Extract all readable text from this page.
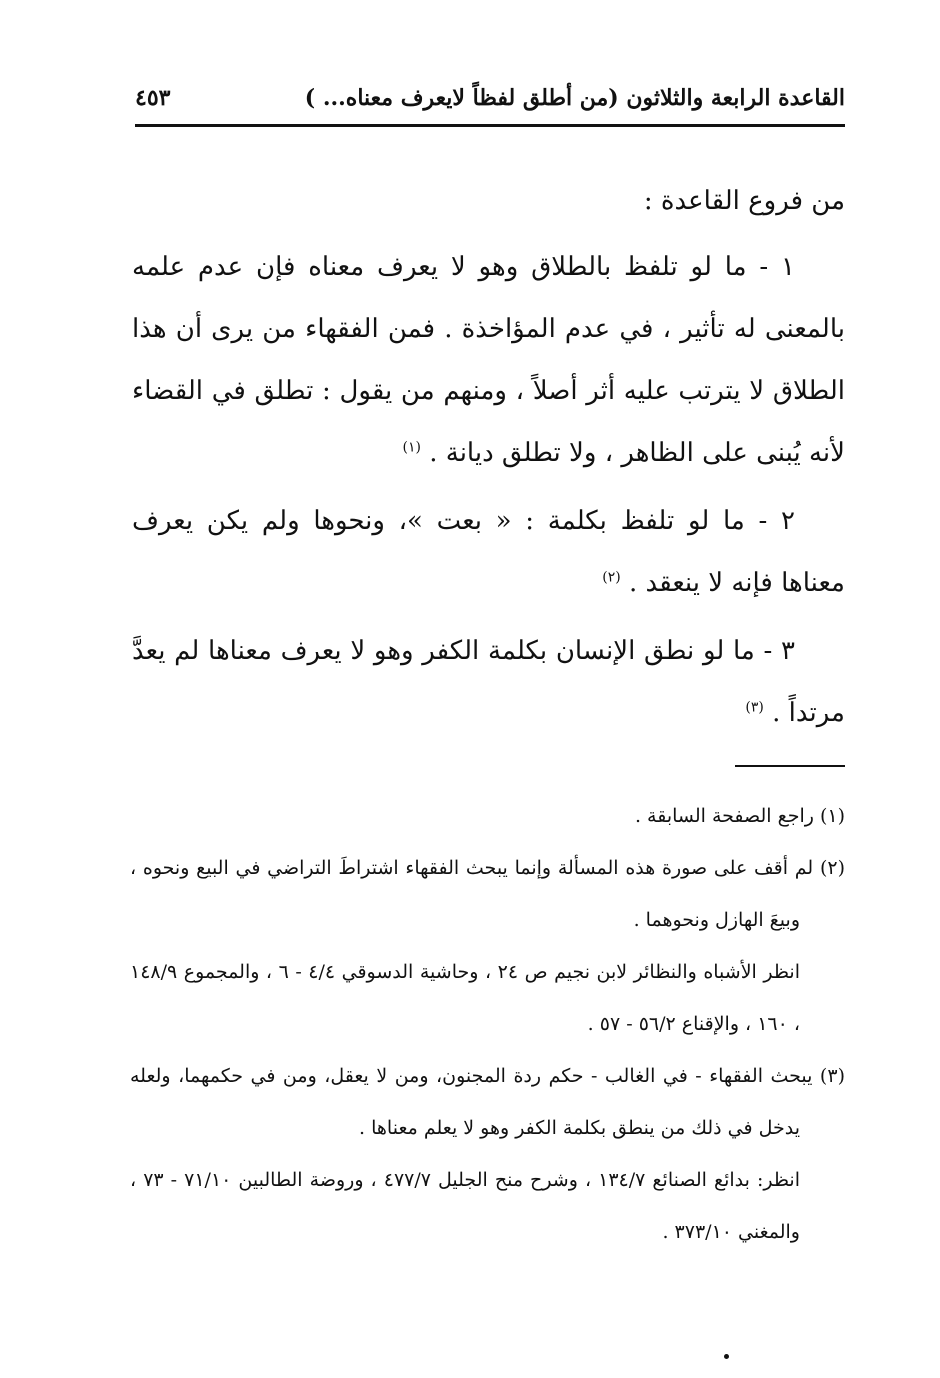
القاعدة الرابعة والثلاثون (من أطلق لفظاً لايعرف معناه... )
٤٥٣

من فروع القاعدة :

١ - ما لو تلفظ بالطلاق وهو لا يعرف معناه فإن عدم علمه بالمعنى له تأثير ، في عدم المؤاخذة . فمن الفقهاء من يرى أن هذا الطلاق لا يترتب عليه أثر أصلاً ، ومنهم من يقول : تطلق في القضاء لأنه يُبنى على الظاهر ، ولا تطلق ديانة . $^{(١)}$

٢ - ما لو تلفظ بكلمة : « بعت »، ونحوها ولم يكن يعرف معناها فإنه لا ينعقد . $^{(٢)}$

٣ - ما لو نطق الإنسان بكلمة الكفر وهو لا يعرف معناها لم يعدَّ مرتداً . $^{(٣)}$

(١) راجع الصفحة السابقة .

(٢) لم أقف على صورة هذه المسألة وإنما يبحث الفقهاء اشتراطَ التراضي في البيع ونحوه ، وبيعَ الهازل ونحوهما .

انظر الأشباه والنظائر لابن نجيم ص ٢٤ ، وحاشية الدسوقي ٤/٤ - ٦ ، والمجموع ١٤٨/٩ ، ١٦٠ ، والإقناع ٥٦/٢ - ٥٧ .

(٣) يبحث الفقهاء - في الغالب - حكم ردة المجنون، ومن لا يعقل، ومن في حكمهما، ولعله يدخل في ذلك من ينطق بكلمة الكفر وهو لا يعلم معناها .

انظر: بدائع الصنائع ١٣٤/٧ ، وشرح منح الجليل ٤٧٧/٧ ، وروضة الطالبين ٧١/١٠ - ٧٣ ، والمغني ٣٧٣/١٠ .
